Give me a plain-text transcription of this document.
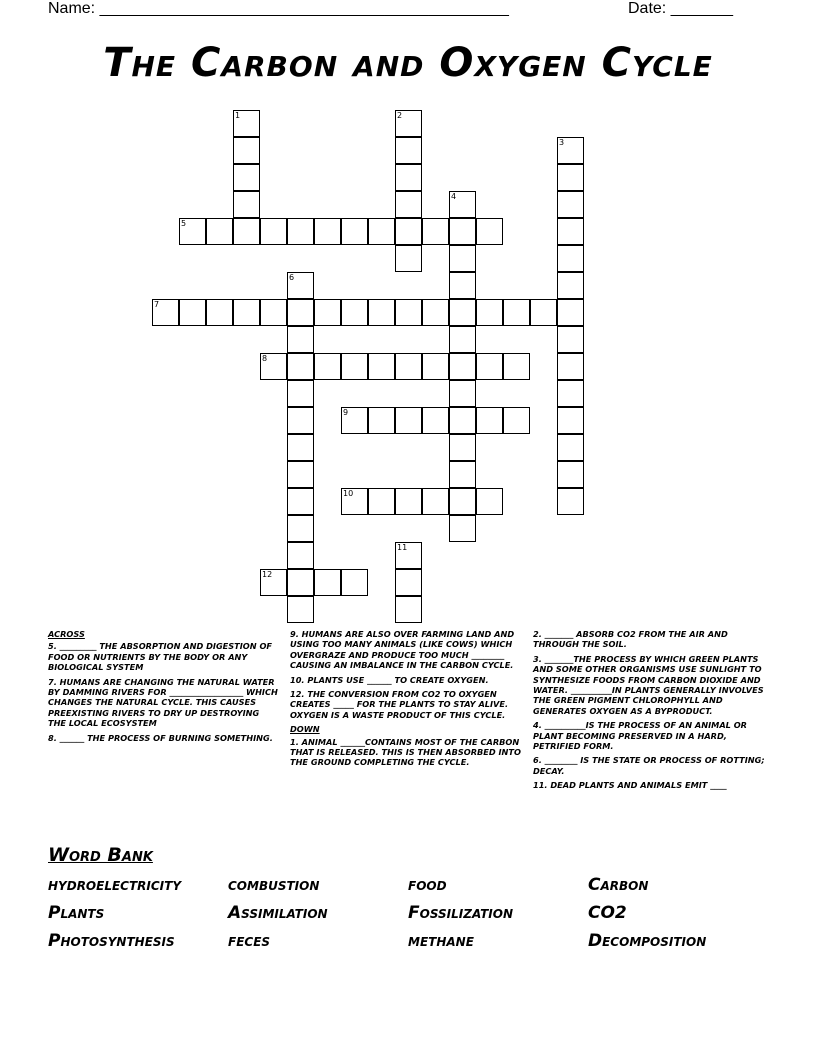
Name: ______________________________________________	Date: _______
The Carbon and Oxygen Cycle
1	2
3
4
5
6
7
8
9
10
11
12
ACROSS
5. _________ THE ABSORPTION AND DIGESTION OF FOOD OR NUTRIENTS BY THE BODY OR ANY BIOLOGICAL SYSTEM
7. HUMANS ARE CHANGING THE NATURAL WATER BY DAMMING RIVERS FOR __________________ WHICH CHANGES THE NATURAL CYCLE. THIS CAUSES PREEXISTING RIVERS TO DRY UP DESTROYING THE LOCAL ECOSYSTEM
8. ______ THE PROCESS OF BURNING SOMETHING.
9. HUMANS ARE ALSO OVER FARMING LAND AND USING TOO MANY ANIMALS (LIKE COWS) WHICH OVERGRAZE AND PRODUCE TOO MUCH ________ CAUSING AN IMBALANCE IN THE CARBON CYCLE.
10. PLANTS USE ______ TO CREATE OXYGEN.
12. THE CONVERSION FROM CO2 TO OXYGEN CREATES _____ FOR THE PLANTS TO STAY ALIVE. OXYGEN IS A WASTE PRODUCT OF THIS CYCLE.
DOWN
1. ANIMAL ______CONTAINS MOST OF THE CARBON THAT IS RELEASED. THIS IS THEN ABSORBED INTO THE GROUND COMPLETING THE CYCLE.
2. _______ ABSORB CO2 FROM THE AIR AND THROUGH THE SOIL.
3. _______THE PROCESS BY WHICH GREEN PLANTS AND SOME OTHER ORGANISMS USE SUNLIGHT TO SYNTHESIZE FOODS FROM CARBON DIOXIDE AND WATER. __________IN PLANTS GENERALLY INVOLVES THE GREEN PIGMENT CHLOROPHYLL AND GENERATES OXYGEN AS A BYPRODUCT.
4. __________IS THE PROCESS OF AN ANIMAL OR PLANT BECOMING PRESERVED IN A HARD, PETRIFIED FORM.
6. ________ IS THE STATE OR PROCESS OF ROTTING; DECAY.
11. DEAD PLANTS AND ANIMALS EMIT ____
Word Bank
hydroelectricity	combustion	food	Carbon
Plants	Assimilation	Fossilization	CO2
Photosynthesis	feces	methane	Decomposition
